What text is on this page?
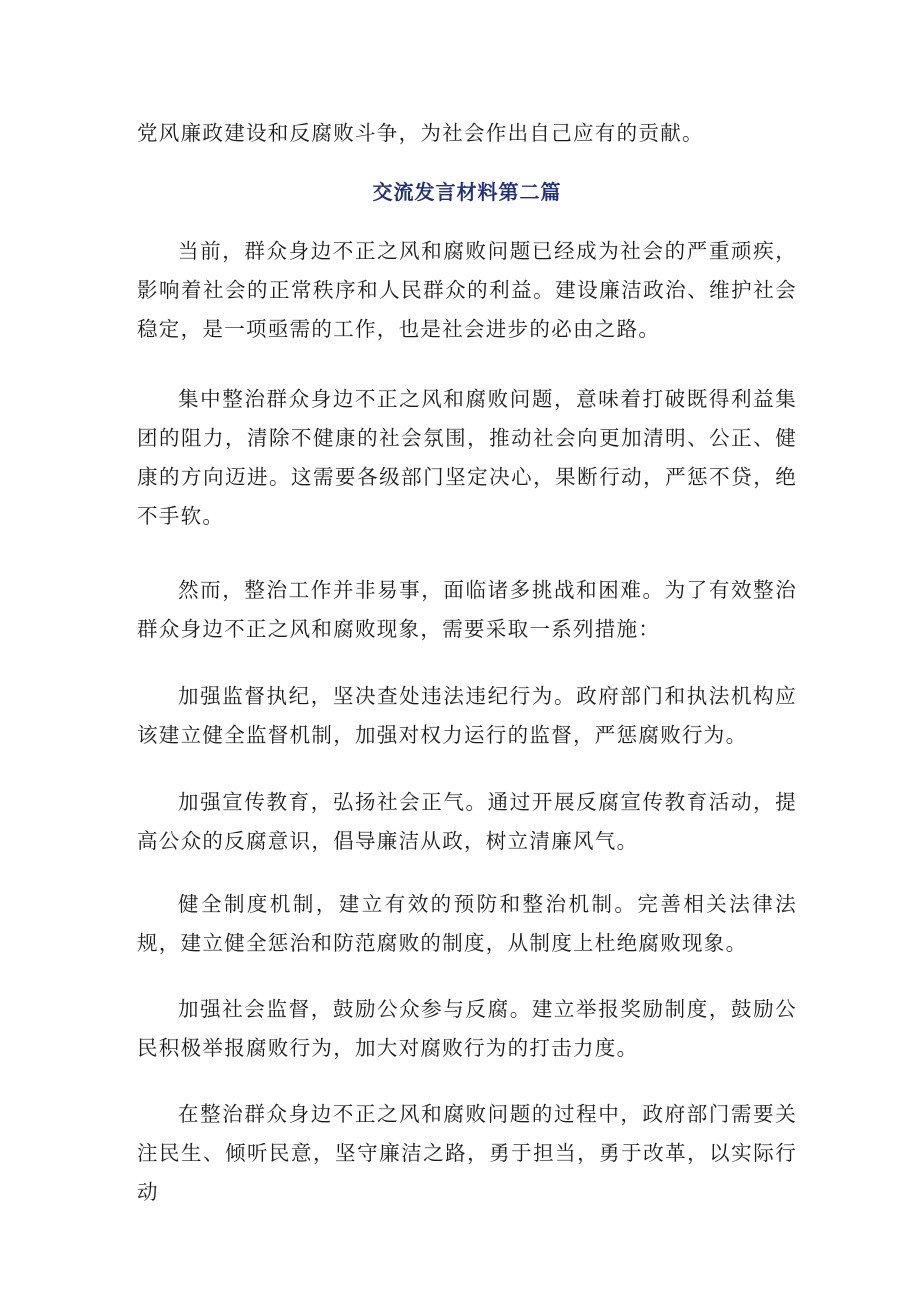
党风廉政建设和反腐败斗争，为社会作出自己应有的贡献。

交流发言材料第二篇

当前，群众身边不正之风和腐败问题已经成为社会的严重顽疾，影响着社会的正常秩序和人民群众的利益。建设廉洁政治、维护社会稳定，是一项亟需的工作，也是社会进步的必由之路。

集中整治群众身边不正之风和腐败问题，意味着打破既得利益集团的阻力，清除不健康的社会氛围，推动社会向更加清明、公正、健康的方向迈进。这需要各级部门坚定决心，果断行动，严惩不贷，绝不手软。

然而，整治工作并非易事，面临诸多挑战和困难。为了有效整治群众身边不正之风和腐败现象，需要采取一系列措施：

加强监督执纪，坚决查处违法违纪行为。政府部门和执法机构应该建立健全监督机制，加强对权力运行的监督，严惩腐败行为。

加强宣传教育，弘扬社会正气。通过开展反腐宣传教育活动，提高公众的反腐意识，倡导廉洁从政，树立清廉风气。

健全制度机制，建立有效的预防和整治机制。完善相关法律法规，建立健全惩治和防范腐败的制度，从制度上杜绝腐败现象。

加强社会监督，鼓励公众参与反腐。建立举报奖励制度，鼓励公民积极举报腐败行为，加大对腐败行为的打击力度。

在整治群众身边不正之风和腐败问题的过程中，政府部门需要关注民生、倾听民意，坚守廉洁之路，勇于担当，勇于改革，以实际行动
